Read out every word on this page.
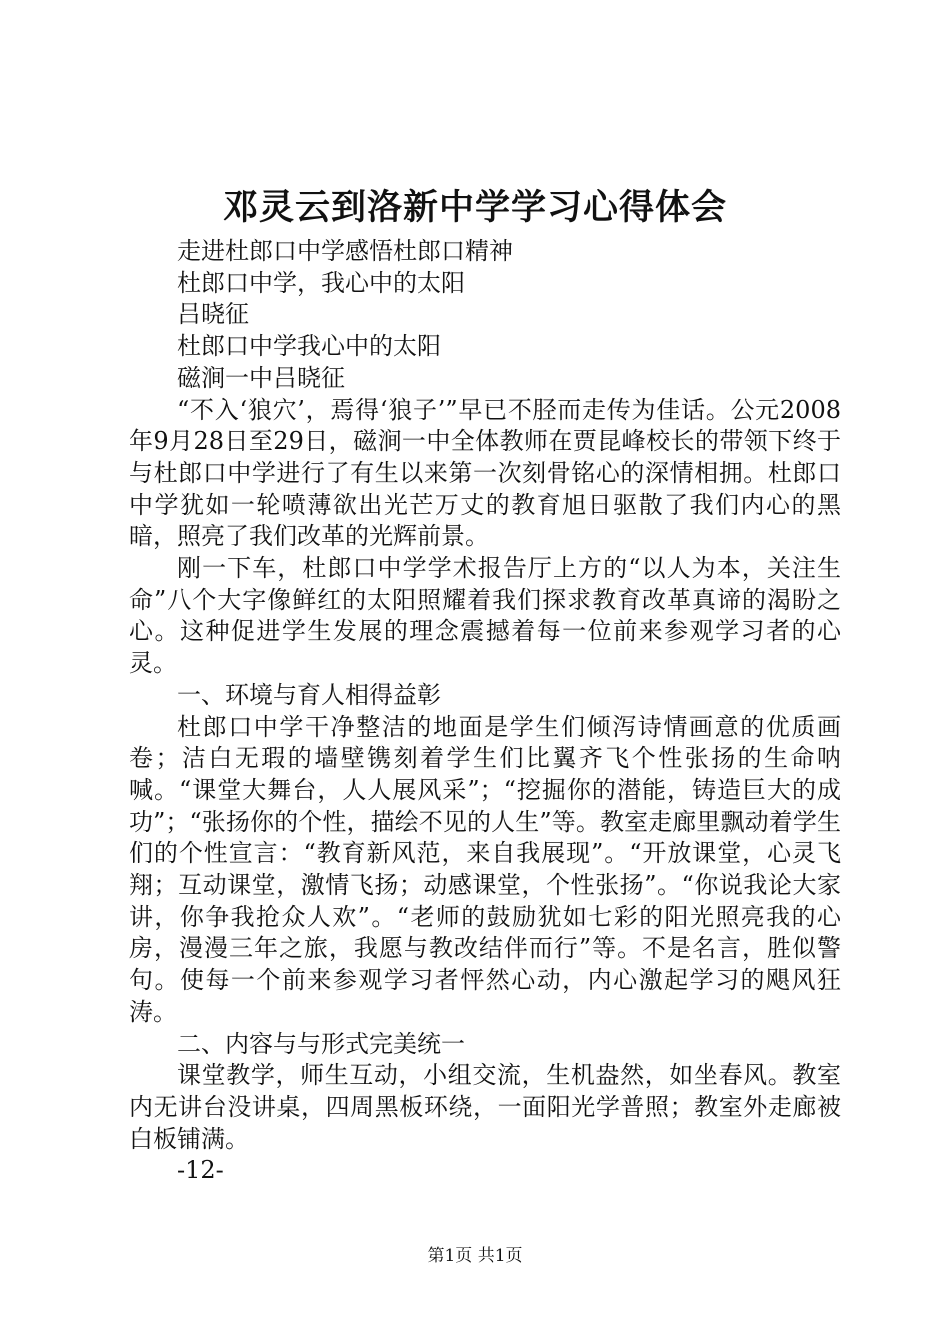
邓灵云到洛新中学学习心得体会

走进杜郎口中学感悟杜郎口精神

杜郎口中学，我心中的太阳

吕晓征

杜郎口中学我心中的太阳

磁涧一中吕晓征

“不入‘狼穴’，焉得‘狼子’”早已不胫而走传为佳话。公元2008年9月28日至29日，磁涧一中全体教师在贾昆峰校长的带领下终于与杜郎口中学进行了有生以来第一次刻骨铭心的深情相拥。杜郎口中学犹如一轮喷薄欲出光芒万丈的教育旭日驱散了我们内心的黑暗，照亮了我们改革的光辉前景。

刚一下车，杜郎口中学学术报告厅上方的“以人为本，关注生命”八个大字像鲜红的太阳照耀着我们探求教育改革真谛的渴盼之心。这种促进学生发展的理念震撼着每一位前来参观学习者的心灵。

一、环境与育人相得益彰

杜郎口中学干净整洁的地面是学生们倾泻诗情画意的优质画卷；洁白无瑕的墙壁镌刻着学生们比翼齐飞个性张扬的生命呐喊。“课堂大舞台，人人展风采”；“挖掘你的潜能，铸造巨大的成功”；“张扬你的个性，描绘不见的人生”等。教室走廊里飘动着学生们的个性宣言：“教育新风范，来自我展现”。“开放课堂，心灵飞翔；互动课堂，激情飞扬；动感课堂，个性张扬”。“你说我论大家讲，你争我抢众人欢”。“老师的鼓励犹如七彩的阳光照亮我的心房，漫漫三年之旅，我愿与教改结伴而行”等。不是名言，胜似警句。使每一个前来参观学习者怦然心动，内心激起学习的飓风狂涛。

二、内容与与形式完美统一

课堂教学，师生互动，小组交流，生机盎然，如坐春风。教室内无讲台没讲桌，四周黑板环绕，一面阳光学普照；教室外走廊被白板铺满。

-12-

第1页 共1页
